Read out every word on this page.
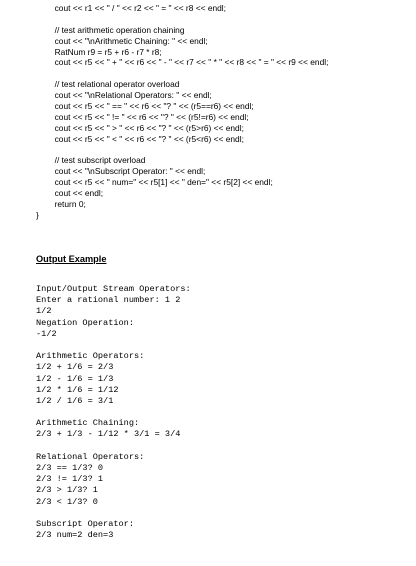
cout << r1 << " / " << r2 << " = " << r8 << endl;
// test arithmetic operation chaining
cout << "\nArithmetic Chaining: " << endl;
RatNum r9 = r5 + r6 - r7 * r8;
cout << r5 << " + " << r6 << " - " << r7 << " * " << r8 << " = " << r9 << endl;
// test relational operator overload
cout << "\nRelational Operators: " << endl;
cout << r5 << " == " << r6 << "? " << (r5==r6) << endl;
cout << r5 << " != " << r6 << "? " << (r5!=r6) << endl;
cout << r5 << " > " << r6 << "? " << (r5>r6) << endl;
cout << r5 << " < " << r6 << "? " << (r5<r6) << endl;
// test subscript overload
cout << "\nSubscript Operator: " << endl;
cout << r5 << " num=" << r5[1] << " den=" << r5[2] << endl;
cout << endl;
return 0;
}
Output Example
Input/Output Stream Operators:
Enter a rational number: 1 2
1/2
Negation Operation:
-1/2
Arithmetic Operators:
1/2 + 1/6 = 2/3
1/2 - 1/6 = 1/3
1/2 * 1/6 = 1/12
1/2 / 1/6 = 3/1
Arithmetic Chaining:
2/3 + 1/3 - 1/12 * 3/1 = 3/4
Relational Operators:
2/3 == 1/3? 0
2/3 != 1/3? 1
2/3 > 1/3? 1
2/3 < 1/3? 0
Subscript Operator:
2/3 num=2 den=3
